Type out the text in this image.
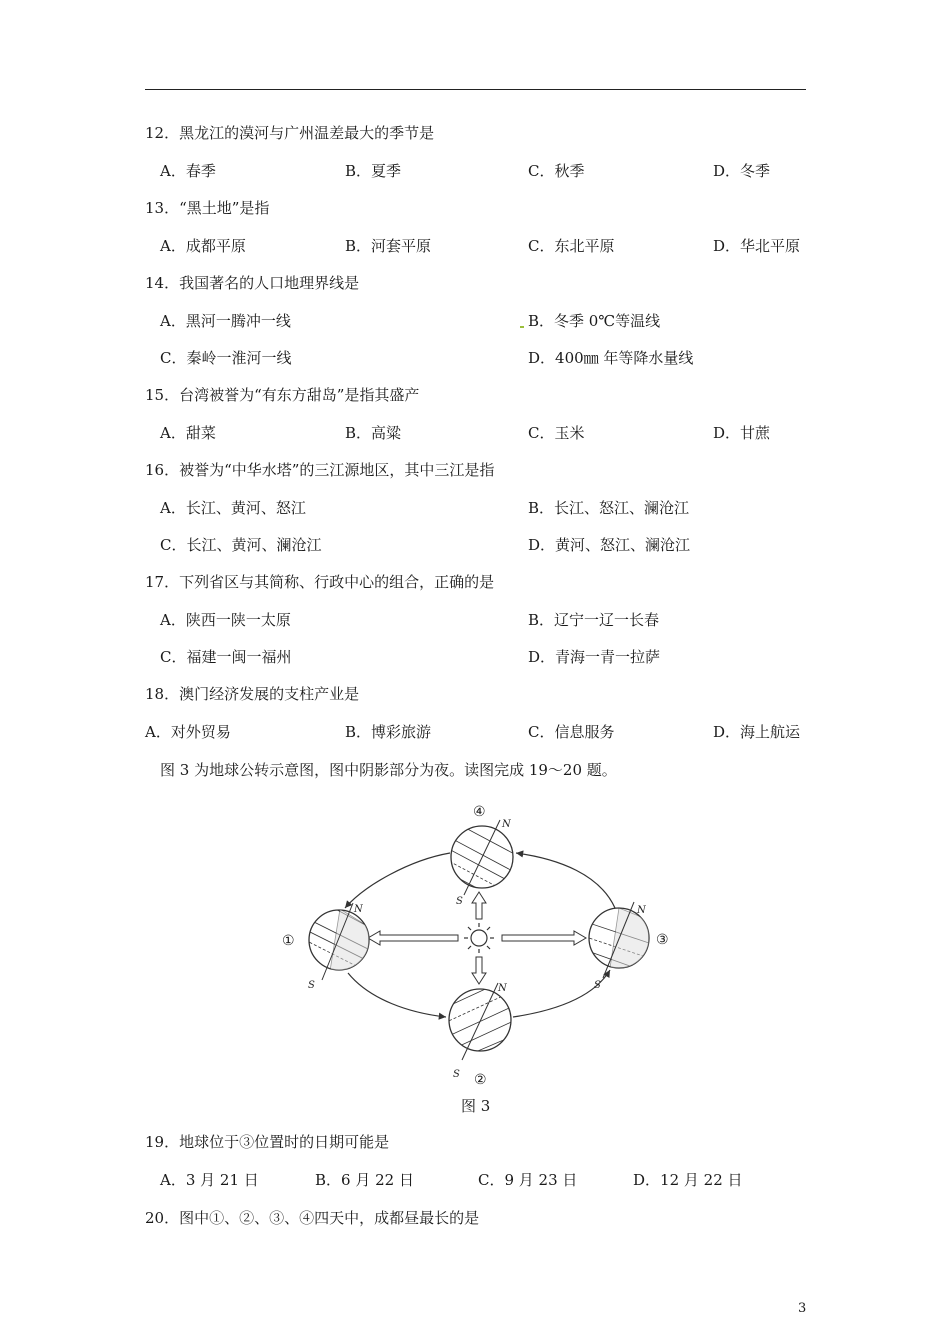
12．黑龙江的漠河与广州温差最大的季节是
A．春季	B．夏季	C．秋季	D．冬季
13．“黑土地”是指
A．成都平原	B．河套平原	C．东北平原	D．华北平原
14．我国著名的人口地理界线是
A．黑河一腾冲一线	B．冬季 0℃等温线
C．秦岭一淮河一线	D．400㎜ 年等降水量线
15．台湾被誉为“有东方甜岛”是指其盛产
A．甜菜	B．高粱	C．玉米	D．甘蔗
16．被誉为“中华水塔”的三江源地区，其中三江是指
A．长江、黄河、怒江	B．长江、怒江、澜沧江
C．长江、黄河、澜沧江	D．黄河、怒江、澜沧江
17．下列省区与其简称、行政中心的组合，正确的是
A．陕西一陕一太原	B．辽宁一辽一长春
C．福建一闽一福州	D．青海一青一拉萨
18．澳门经济发展的支柱产业是
A．对外贸易	B．博彩旅游	C．信息服务	D．海上航运
图 3 为地球公转示意图，图中阴影部分为夜。读图完成 19～20 题。
①
②
③
④
N
S	N
S
N
S
N
S
图 3
19．地球位于③位置时的日期可能是
A．3 月 21 日	B．6 月 22 日	C．9 月 23 日	D．12 月 22 日
20．图中①、②、③、④四天中，成都昼最长的是
3
